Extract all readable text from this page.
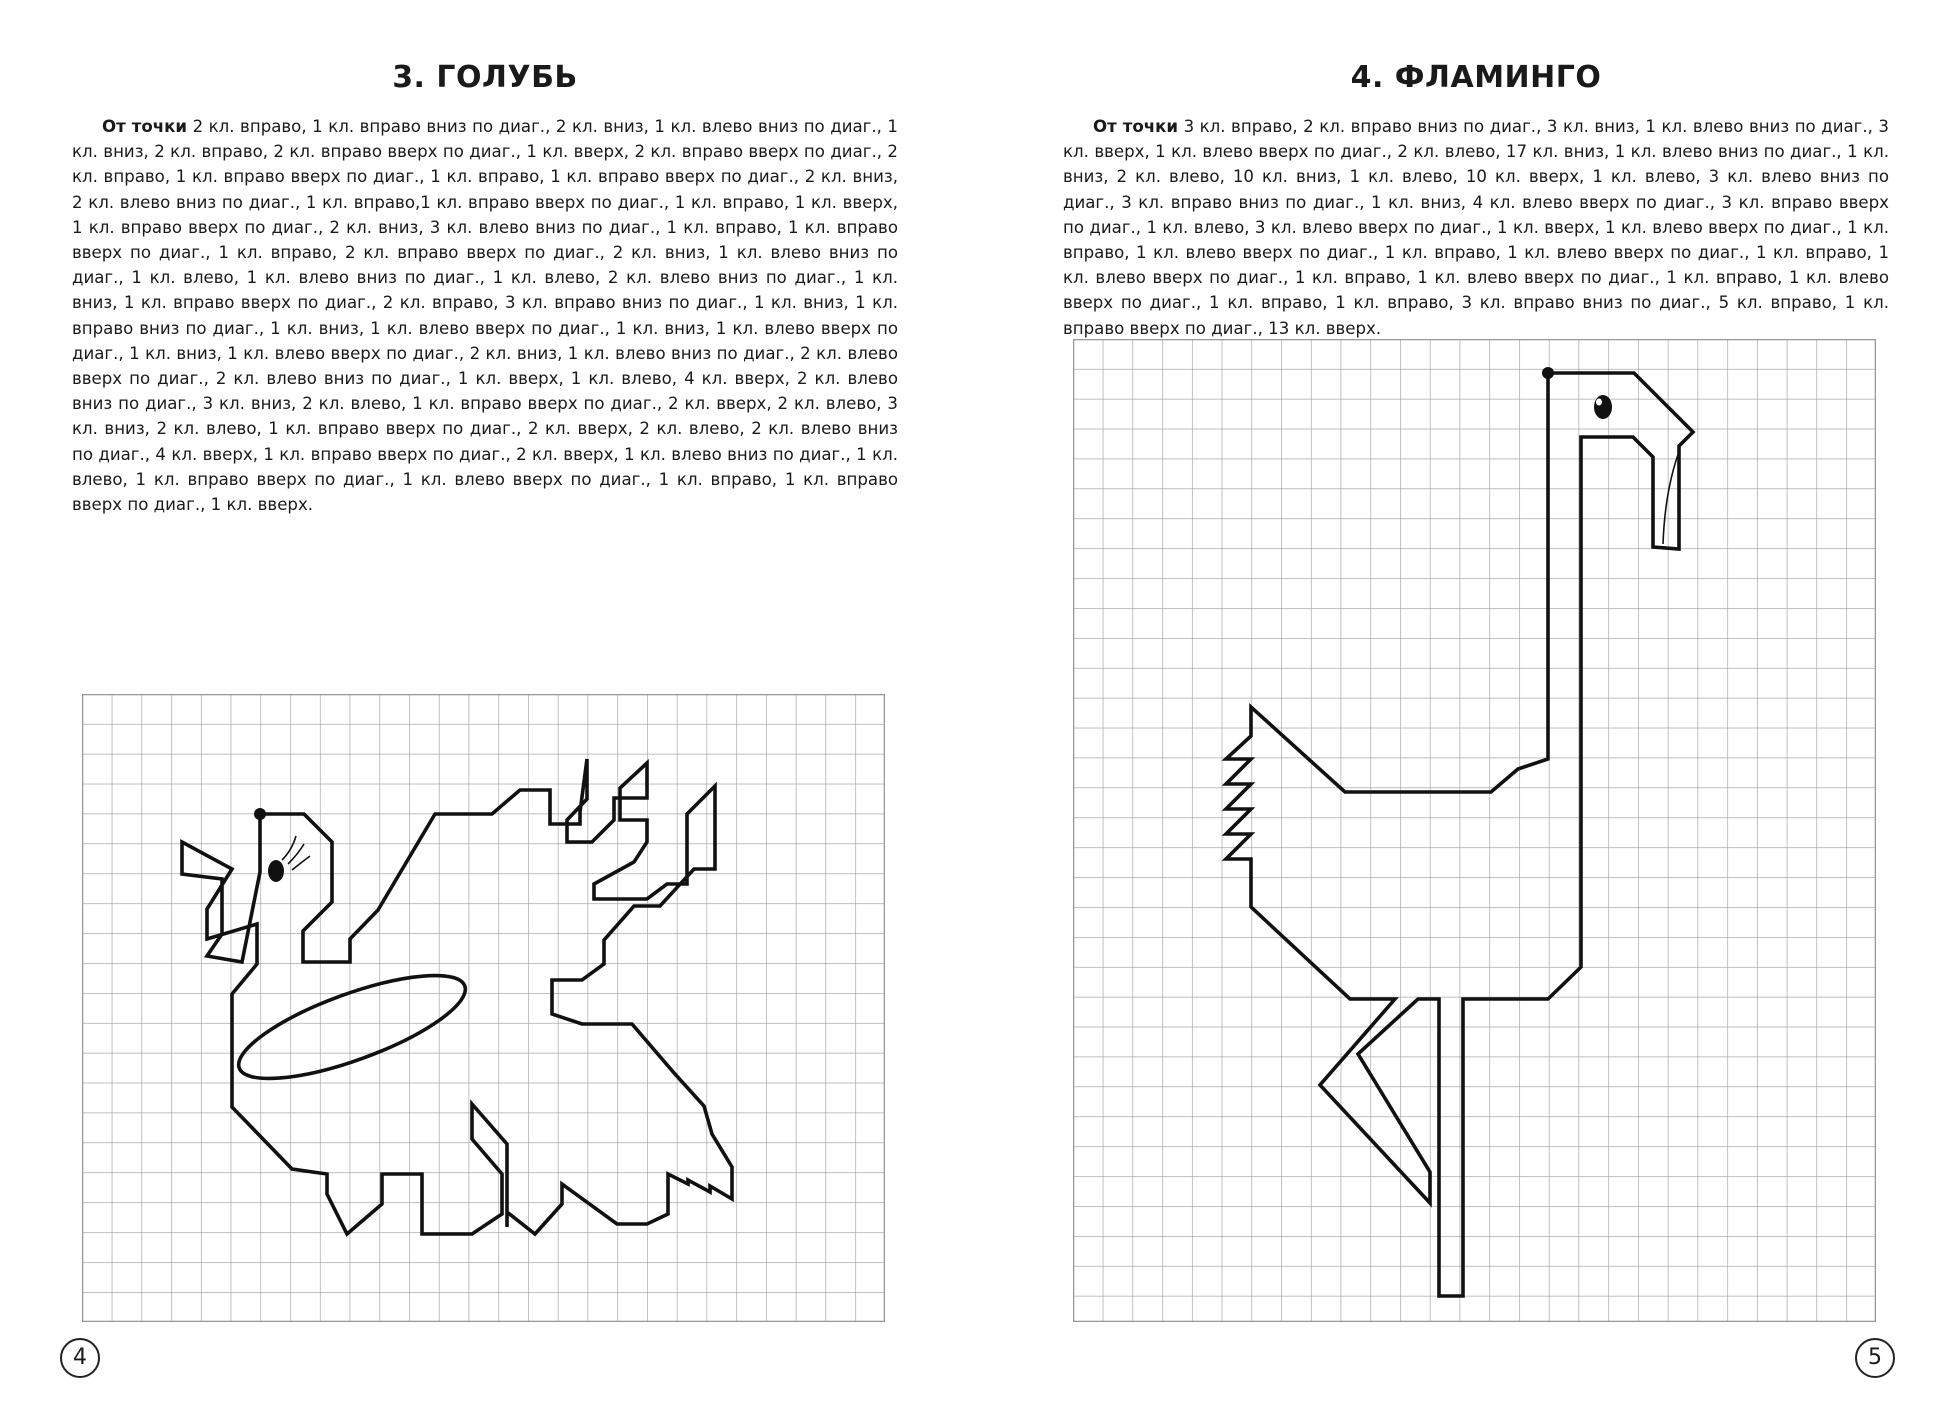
3. ГОЛУБЬ

От точки 2 кл. вправо, 1 кл. вправо вниз по диаг., 2 кл. вниз, 1 кл. влево вниз по диаг., 1 кл. вниз, 2 кл. вправо, 2 кл. вправо вверх по диаг., 1 кл. вверх, 2 кл. вправо вверх по диаг., 2 кл. вправо, 1 кл. вправо вверх по диаг., 1 кл. вправо, 1 кл. вправо вверх по диаг., 2 кл. вниз, 2 кл. влево вниз по диаг., 1 кл. вправо,1 кл. вправо вверх по диаг., 1 кл. вправо, 1 кл. вверх, 1 кл. вправо вверх по диаг., 2 кл. вниз, 3 кл. влево вниз по диаг., 1 кл. вправо, 1 кл. вправо вверх по диаг., 1 кл. вправо, 2 кл. вправо вверх по диаг., 2 кл. вниз, 1 кл. влево вниз по диаг., 1 кл. влево, 1 кл. влево вниз по диаг., 1 кл. влево, 2 кл. влево вниз по диаг., 1 кл. вниз, 1 кл. вправо вверх по диаг., 2 кл. вправо, 3 кл. вправо вниз по диаг., 1 кл. вниз, 1 кл. вправо вниз по диаг., 1 кл. вниз, 1 кл. влево вверх по диаг., 1 кл. вниз, 1 кл. влево вверх по диаг., 1 кл. вниз, 1 кл. влево вверх по диаг., 2 кл. вниз, 1 кл. влево вниз по диаг., 2 кл. влево вверх по диаг., 2 кл. влево вниз по диаг., 1 кл. вверх, 1 кл. влево, 4 кл. вверх, 2 кл. влево вниз по диаг., 3 кл. вниз, 2 кл. влево, 1 кл. вправо вверх по диаг., 2 кл. вверх, 2 кл. влево, 3 кл. вниз, 2 кл. влево, 1 кл. вправо вверх по диаг., 2 кл. вверх, 2 кл. влево, 2 кл. влево вниз по диаг., 4 кл. вверх, 1 кл. вправо вверх по диаг., 2 кл. вверх, 1 кл. влево вниз по диаг., 1 кл. влево, 1 кл. вправо вверх по диаг., 1 кл. влево вверх по диаг., 1 кл. вправо, 1 кл. вправо вверх по диаг., 1 кл. вверх.

4
4. ФЛАМИНГО

От точки 3 кл. вправо, 2 кл. вправо вниз по диаг., 3 кл. вниз, 1 кл. влево вниз по диаг., 3 кл. вверх, 1 кл. влево вверх по диаг., 2 кл. влево, 17 кл. вниз, 1 кл. влево вниз по диаг., 1 кл. вниз, 2 кл. влево, 10 кл. вниз, 1 кл. влево, 10 кл. вверх, 1 кл. влево, 3 кл. влево вниз по диаг., 3 кл. вправо вниз по диаг., 1 кл. вниз, 4 кл. влево вверх по диаг., 3 кл. вправо вверх по диаг., 1 кл. влево, 3 кл. влево вверх по диаг., 1 кл. вверх, 1 кл. влево вверх по диаг., 1 кл. вправо, 1 кл. влево вверх по диаг., 1 кл. вправо, 1 кл. влево вверх по диаг., 1 кл. вправо, 1 кл. влево вверх по диаг., 1 кл. вправо, 1 кл. влево вверх по диаг., 1 кл. вправо, 1 кл. влево вверх по диаг., 1 кл. вправо, 1 кл. вправо, 3 кл. вправо вниз по диаг., 5 кл. вправо, 1 кл. вправо вверх по диаг., 13 кл. вверх.

5
